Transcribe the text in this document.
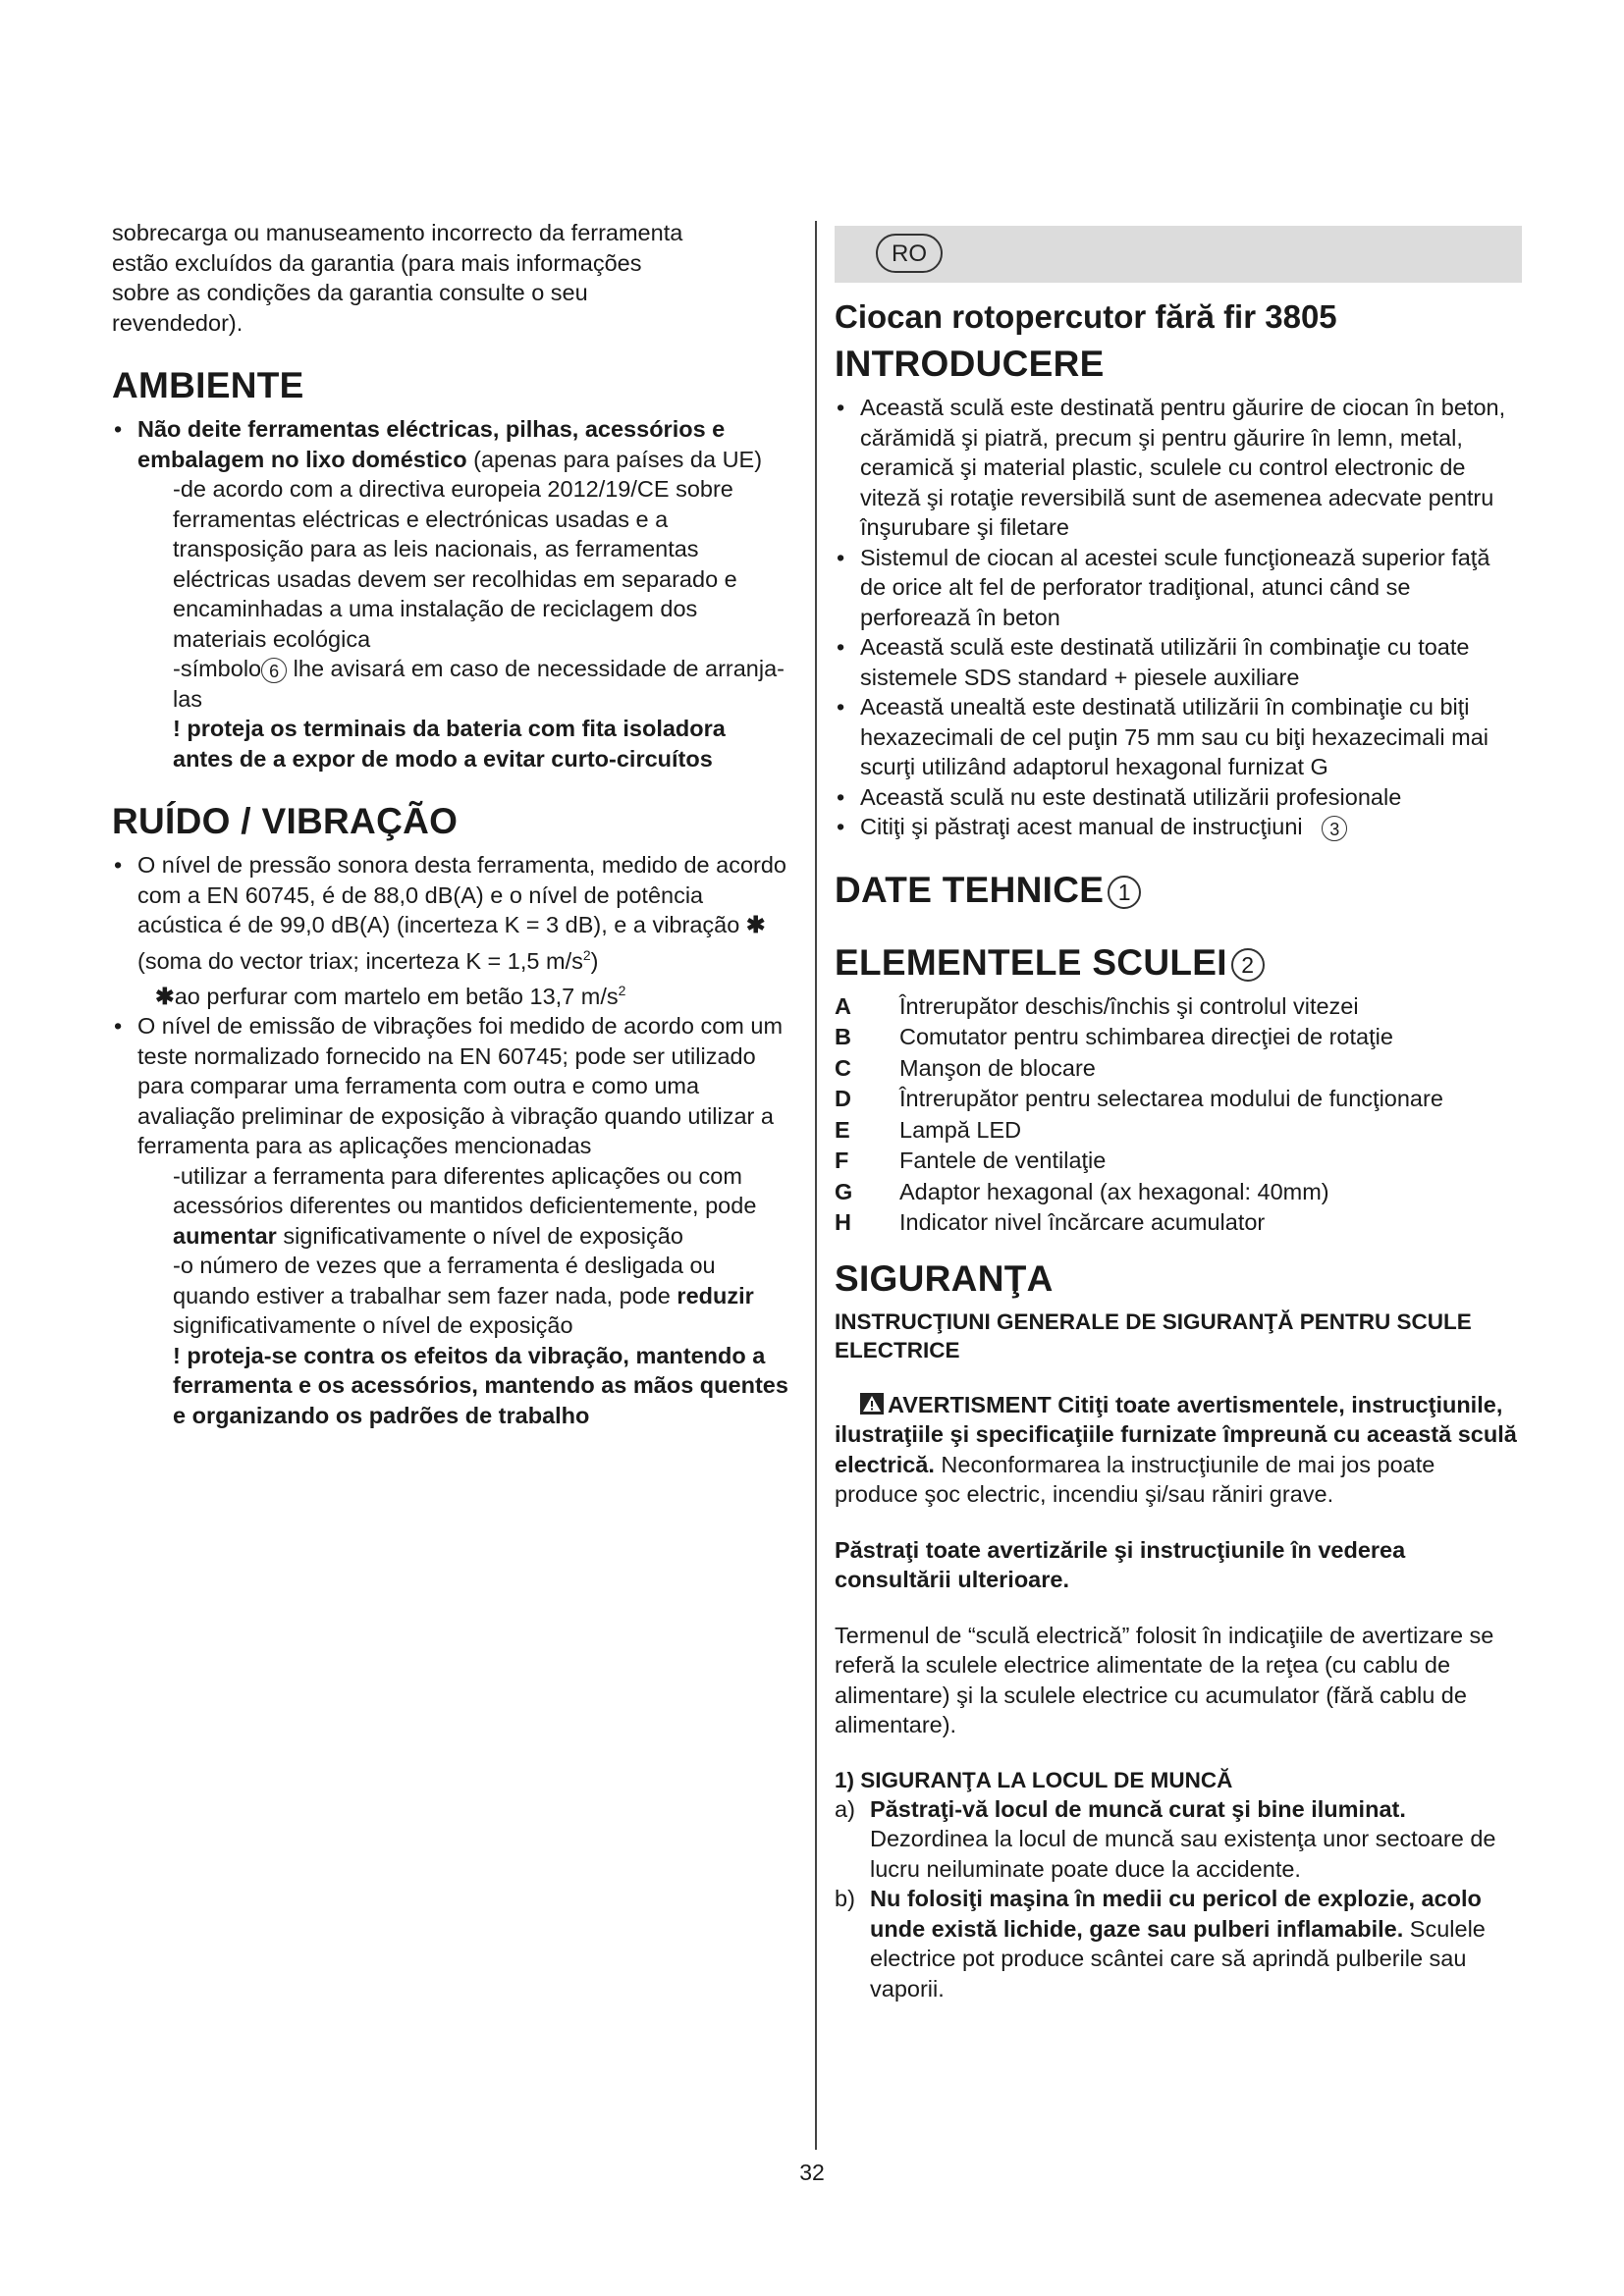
sobrecarga ou manuseamento incorrecto da ferramenta
estão excluídos da garantia (para mais informações
sobre as condições da garantia consulte o seu
revendedor).

AMBIENTE
• Não deite ferramentas eléctricas, pilhas, acessórios e embalagem no lixo doméstico (apenas para países da UE)

-de acordo com a directiva europeia 2012/19/CE sobre ferramentas eléctricas e electrónicas usadas e a transposição para as leis nacionais, as ferramentas eléctricas usadas devem ser recolhidas em separado e encaminhadas a uma instalação de reciclagem dos materiais ecológica

-símbolo 6 lhe avisará em caso de necessidade de arranja-las

! proteja os terminais da bateria com fita isoladora antes de a expor de modo a evitar curto-circuítos

RUÍDO / VIBRAÇÃO
• O nível de pressão sonora desta ferramenta, medido de acordo com a EN 60745, é de 88,0 dB(A) e o nível de potência acústica é de 99,0 dB(A) (incerteza K = 3 dB), e a vibração ✱ (soma do vector triax; incerteza K = 1,5 $m/s^2$)

✱ao perfurar com martelo em betão 13,7 $m/s^2$

• O nível de emissão de vibrações foi medido de acordo com um teste normalizado fornecido na EN 60745; pode ser utilizado para comparar uma ferramenta com outra e como uma avaliação preliminar de exposição à vibração quando utilizar a ferramenta para as aplicações mencionadas

-utilizar a ferramenta para diferentes aplicações ou com acessórios diferentes ou mantidos deficientemente, pode aumentar significativamente o nível de exposição

-o número de vezes que a ferramenta é desligada ou quando estiver a trabalhar sem fazer nada, pode reduzir significativamente o nível de exposição

! proteja-se contra os efeitos da vibração, mantendo a ferramenta e os acessórios, mantendo as mãos quentes e organizando os padrões de trabalho

RO
Ciocan rotopercutor fără fir 3805
INTRODUCERE
• Această sculă este destinată pentru găurire de ciocan în beton, cărămidă şi piatră, precum şi pentru găurire în lemn, metal, ceramică şi material plastic, sculele cu control electronic de viteză şi rotaţie reversibilă sunt de asemenea adecvate pentru înşurubare şi filetare
• Sistemul de ciocan al acestei scule funcţionează superior faţă de orice alt fel de perforator tradiţional, atunci când se perforează în beton
• Această sculă este destinată utilizării în combinaţie cu toate sistemele SDS standard + piesele auxiliare
• Această unealtă este destinată utilizării în combinaţie cu biţi hexazecimali de cel puţin 75 mm sau cu biţi hexazecimali mai scurţi utilizând adaptorul hexagonal furnizat G
• Această sculă nu este destinată utilizării profesionale
• Citiţi şi păstraţi acest manual de instrucţiuni 3
DATE TEHNICE 1
ELEMENTELE SCULEI 2
A	Întrerupător deschis/închis şi controlul vitezei
B	Comutator pentru schimbarea direcţiei de rotaţie
C	Manşon de blocare
D	Întrerupător pentru selectarea modului de funcţionare
E	Lampă LED
F	Fantele de ventilaţie
G	Adaptor hexagonal (ax hexagonal: 40mm)
H	Indicator nivel încărcare acumulator
SIGURANŢA

INSTRUCŢIUNI GENERALE DE SIGURANŢĂ PENTRU SCULE ELECTRICE

AVERTISMENT Citiţi toate avertismentele, instrucţiunile, ilustraţiile şi specificaţiile furnizate împreună cu această sculă electrică. Neconformarea la instrucţiunile de mai jos poate produce şoc electric, incendiu şi/sau răniri grave.

Păstraţi toate avertizările şi instrucţiunile în vederea consultării ulterioare.

Termenul de “sculă electrică” folosit în indicaţiile de avertizare se referă la sculele electrice alimentate de la reţea (cu cablu de alimentare) şi la sculele electrice cu acumulator (fără cablu de alimentare).

1) SIGURANŢA LA LOCUL DE MUNCĂ

a) Păstraţi-vă locul de muncă curat şi bine iluminat.
Dezordinea la locul de muncă sau existenţa unor sectoare de lucru neiluminate poate duce la accidente.
b) Nu folosiţi maşina în medii cu pericol de explozie, acolo unde există lichide, gaze sau pulberi inflamabile. Sculele electrice pot produce scântei care să aprindă pulberile sau vaporii.
32
